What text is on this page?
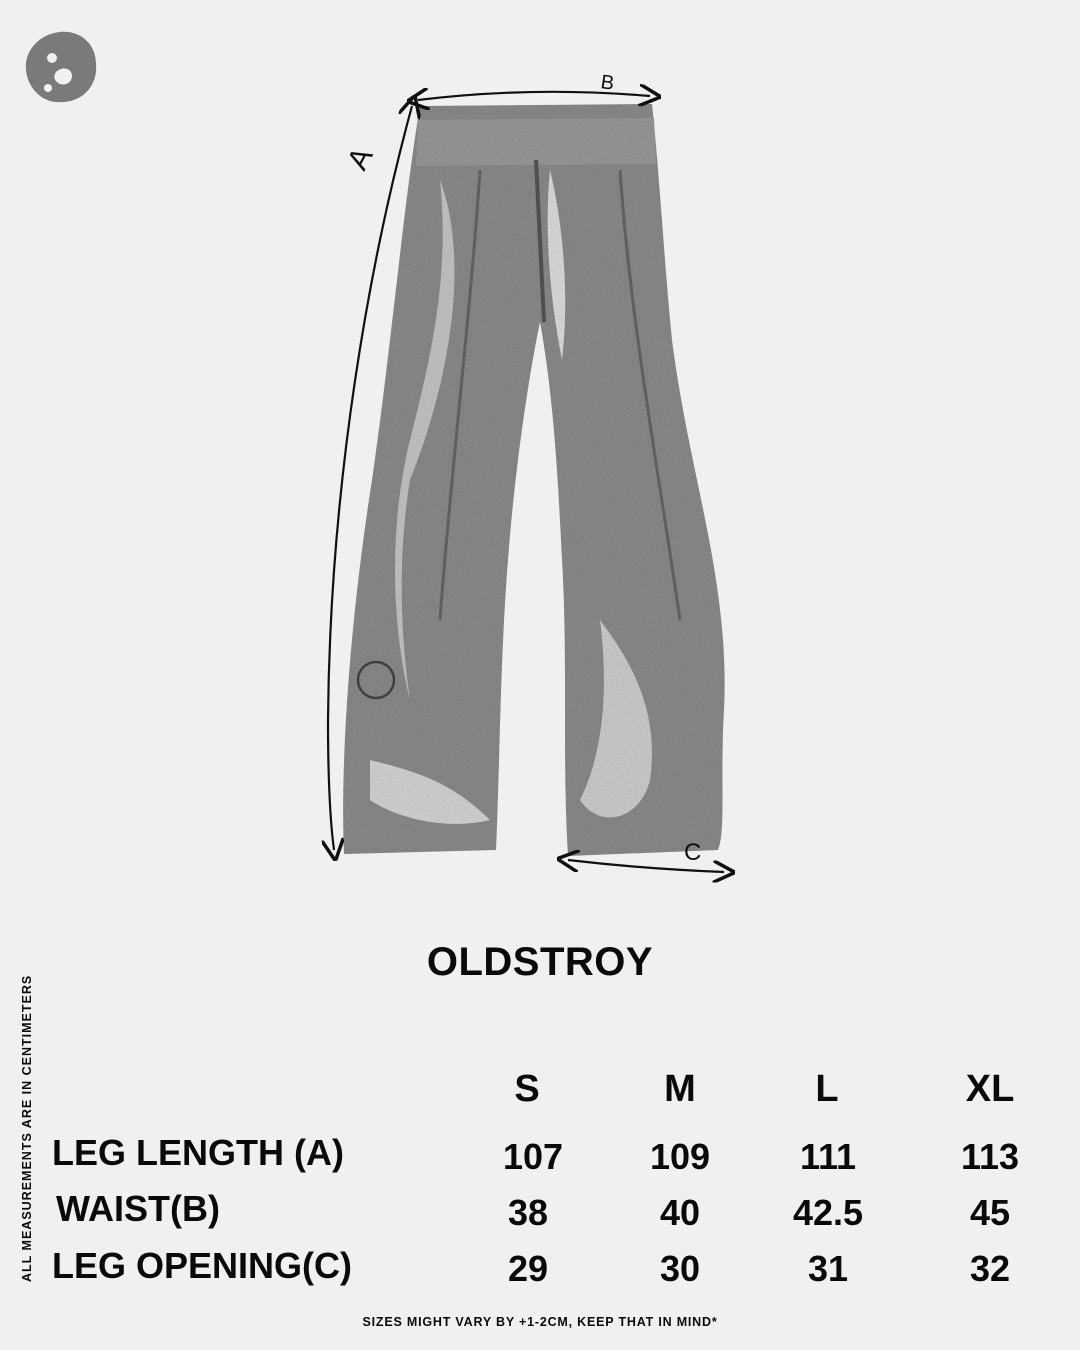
B
A
C
OLDSTROY
ALL MEASUREMENTS ARE IN CENTIMETERS	S	M	L	XL
LEG LENGTH (A)	107	109	111	113
WAIST(B)	38	40	42.5	45
LEG OPENING(C)	29	30	31	32
SIZES MIGHT VARY BY +1-2CM, KEEP THAT IN MIND*
